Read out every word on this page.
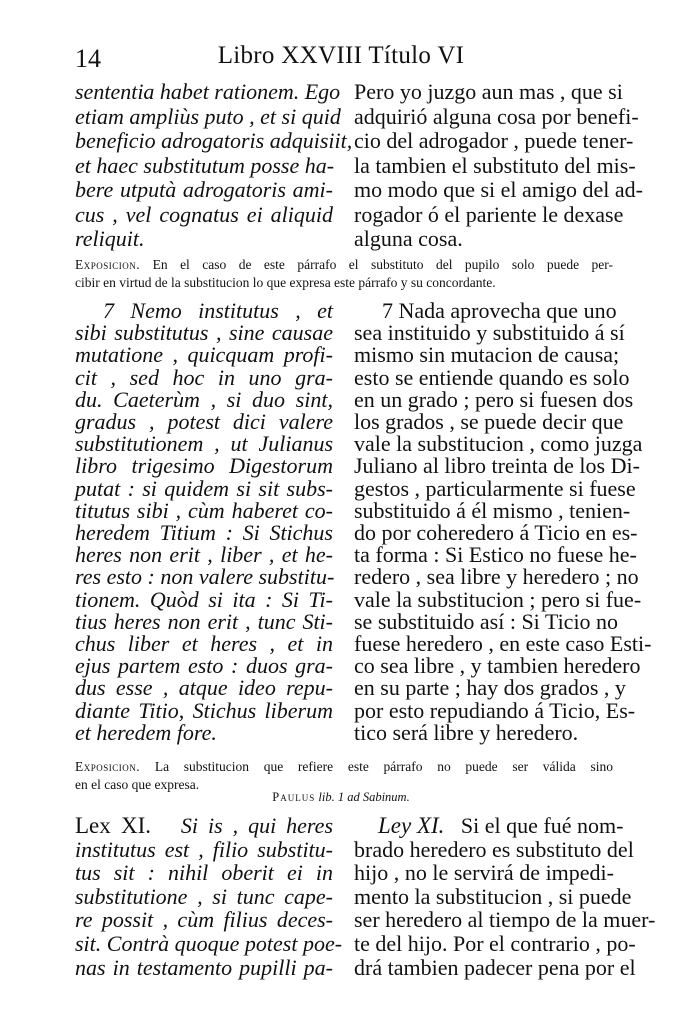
14	Libro XXVIII Título VI
sententia habet rationem. Ego
etiam ampliùs puto , et si quid
beneficio adrogatoris adquisiit,
et haec substitutum posse ha-
bere utputà adrogatoris ami-
cus , vel cognatus ei aliquid
reliquit.
Pero yo juzgo aun mas , que si
adquirió alguna cosa por benefi-
cio del adrogador , puede tener-
la tambien el substituto del mis-
mo modo que si el amigo del ad-
rogador ó el pariente le dexase
alguna cosa.
Exposicion. En el caso de este párrafo el substituto del pupilo solo puede per-
cibir en virtud de la substitucion lo que expresa este párrafo y su concordante.
7 Nemo institutus , et
sibi substitutus , sine causae
mutatione , quicquam profi-
cit , sed hoc in uno gra-
du. Caeterùm , si duo sint,
gradus , potest dici valere
substitutionem , ut Julianus
libro trigesimo Digestorum
putat : si quidem si sit subs-
titutus sibi , cùm haberet co-
heredem Titium : Si Stichus
heres non erit , liber , et he-
res esto : non valere substitu-
tionem. Quòd si ita : Si Ti-
tius heres non erit , tunc Sti-
chus liber et heres , et in
ejus partem esto : duos gra-
dus esse , atque ideo repu-
diante Titio, Stichus liberum
et heredem fore.
7 Nada aprovecha que uno
sea instituido y substituido á sí
mismo sin mutacion de causa;
esto se entiende quando es solo
en un grado ; pero si fuesen dos
los grados , se puede decir que
vale la substitucion , como juzga
Juliano al libro treinta de los Di-
gestos , particularmente si fuese
substituido á él mismo , tenien-
do por coheredero á Ticio en es-
ta forma : Si Estico no fuese he-
redero , sea libre y heredero ; no
vale la substitucion ; pero si fue-
se substituido así : Si Ticio no
fuese heredero , en este caso Esti-
co sea libre , y tambien heredero
en su parte ; hay dos grados , y
por esto repudiando á Ticio, Es-
tico será libre y heredero.
Exposicion. La substitucion que refiere este párrafo no puede ser válida sino
en el caso que expresa.
Paulus lib. 1 ad Sabinum.
Lex XI. Si is , qui heres
institutus est , filio substitu-
tus sit : nihil oberit ei in
substitutione , si tunc cape-
re possit , cùm filius deces-
sit. Contrà quoque potest poe-
nas in testamento pupilli pa-
Ley XI. Si el que fué nom-
brado heredero es substituto del
hijo , no le servirá de impedi-
mento la substitucion , si puede
ser heredero al tiempo de la muer-
te del hijo. Por el contrario , po-
drá tambien padecer pena por el
